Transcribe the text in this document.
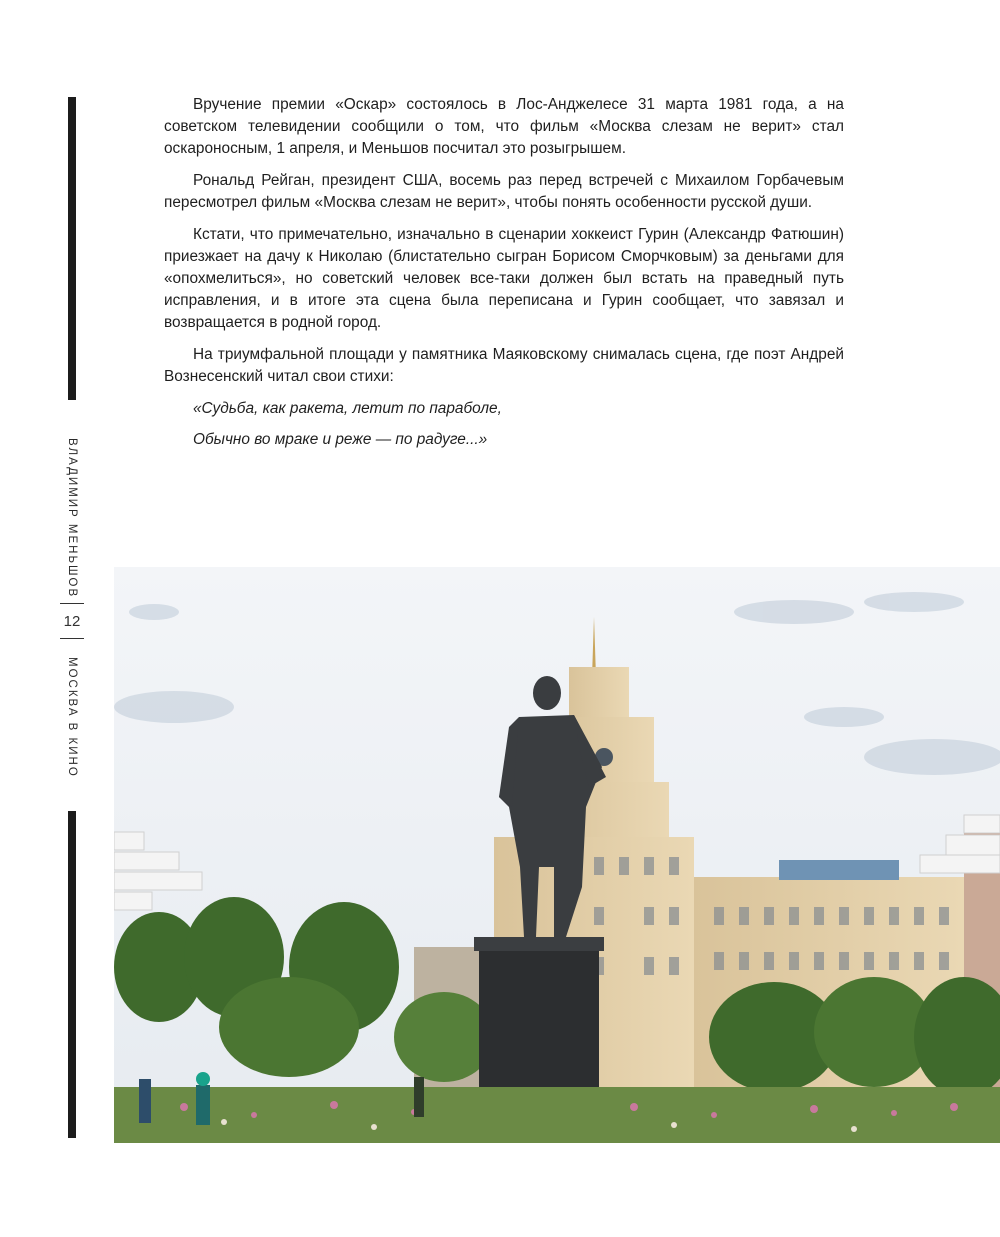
ВЛАДИМИР МЕНЬШОВ
12
МОСКВА В КИНО

Вручение премии «Оскар» состоялось в Лос-Анджелесе 31 марта 1981 года, а на советском телевидении сообщили о том, что фильм «Москва слезам не верит» стал оскароносным, 1 апреля, и Меньшов посчитал это розыгрышем.

Рональд Рейган, президент США, восемь раз перед встречей с Михаилом Горбачевым пересмотрел фильм «Москва слезам не верит», чтобы понять особенности русской души.

Кстати, что примечательно, изначально в сценарии хоккеист Гурин (Александр Фатюшин) приезжает на дачу к Николаю (блистательно сыгран Борисом Сморчковым) за деньгами для «опохмелиться», но советский человек все-таки должен был встать на праведный путь исправления, и в итоге эта сцена была переписана и Гурин сообщает, что завязал и возвращается в родной город.

На триумфальной площади у памятника Маяковскому снималась сцена, где поэт Андрей Вознесенский читал свои стихи:

«Судьба, как ракета, летит по параболе,

Обычно во мраке и реже — по радуге...»
